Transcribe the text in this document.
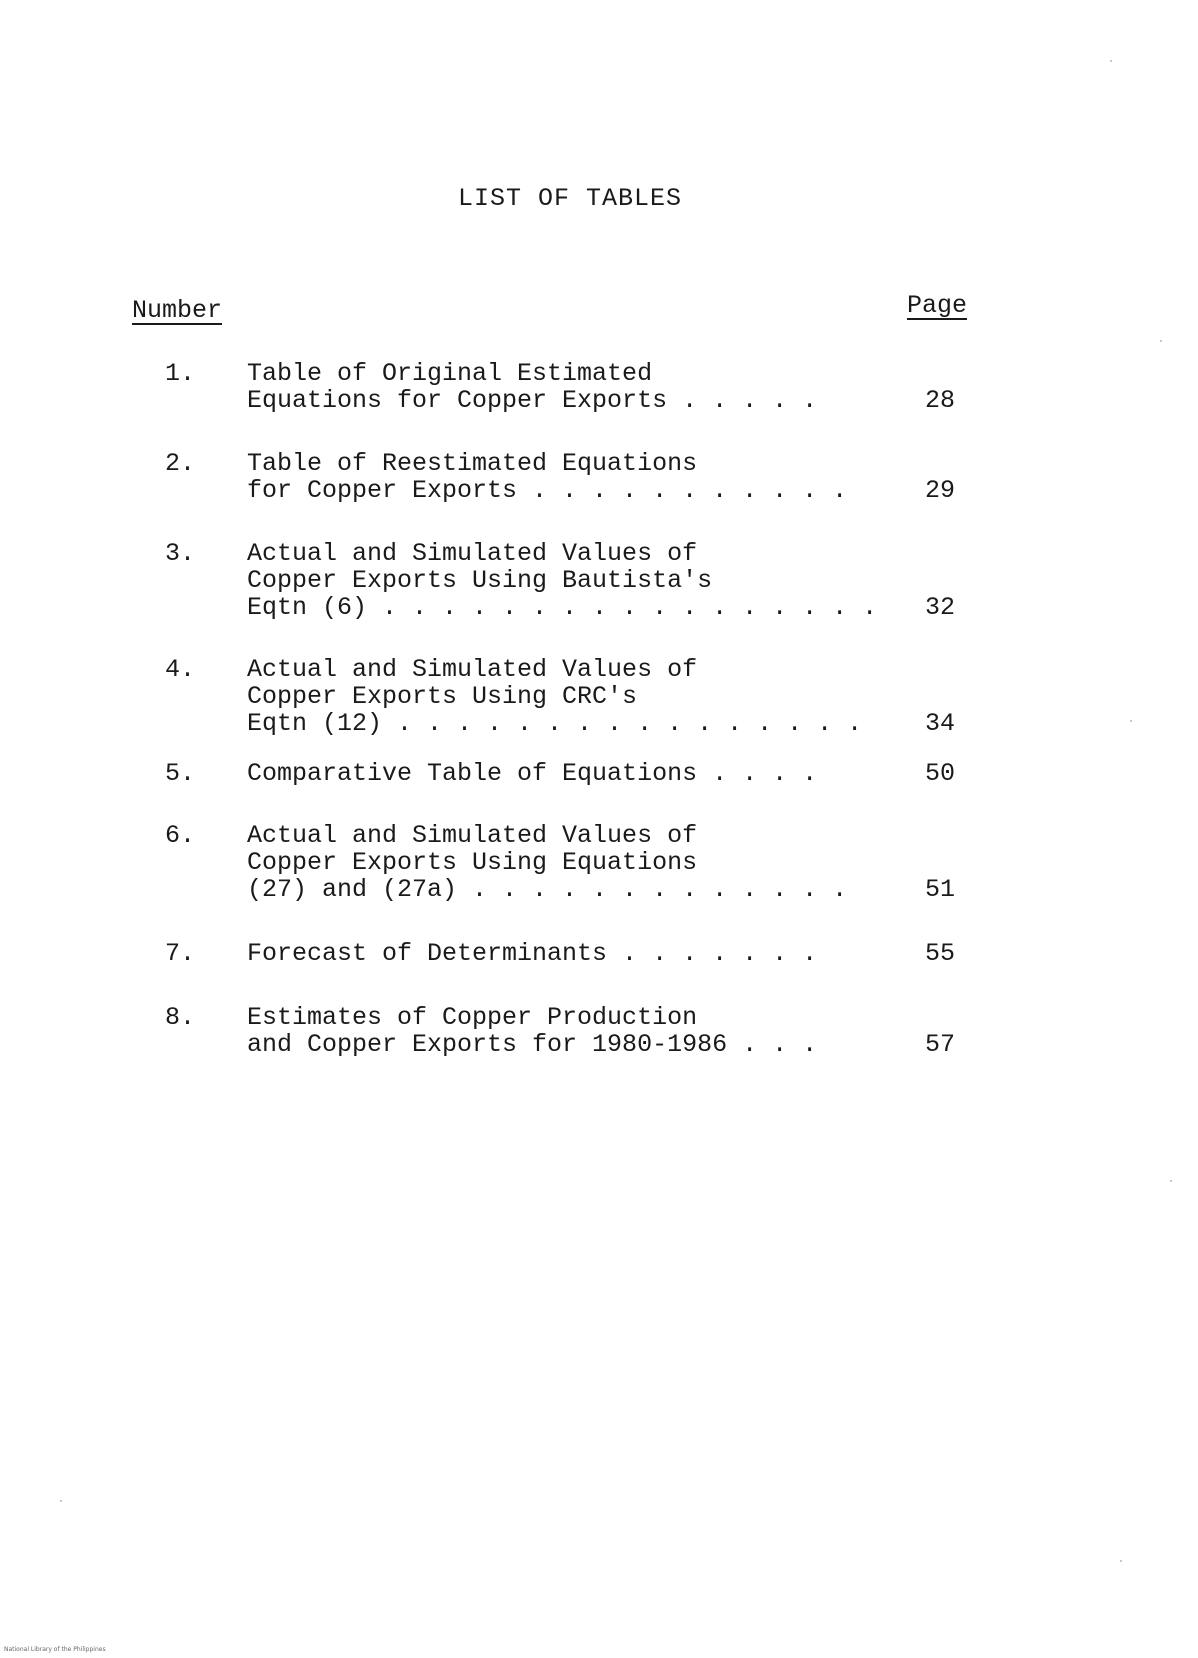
LIST OF TABLES
Number	Page
1. Table of Original Estimated
Equations for Copper Exports . . . . .	28
2. Table of Reestimated Equations
for Copper Exports . . . . . . . . . . .	29
3. Actual and Simulated Values of
Copper Exports Using Bautista's
Eqtn (6) . . . . . . . . . . . . . . . . . 32
4. Actual and Simulated Values of
Copper Exports Using CRC's
Eqtn (12) . . . . . . . . . . . . . . . .	34
5. Comparative Table of Equations . . . .	50
6. Actual and Simulated Values of
Copper Exports Using Equations
(27) and (27a) . . . . . . . . . . . . .	51
7. Forecast of Determinants . . . . . . .	55
8. Estimates of Copper Production
and Copper Exports for 1980-1986 . . .	57
National Library of the Philippines
